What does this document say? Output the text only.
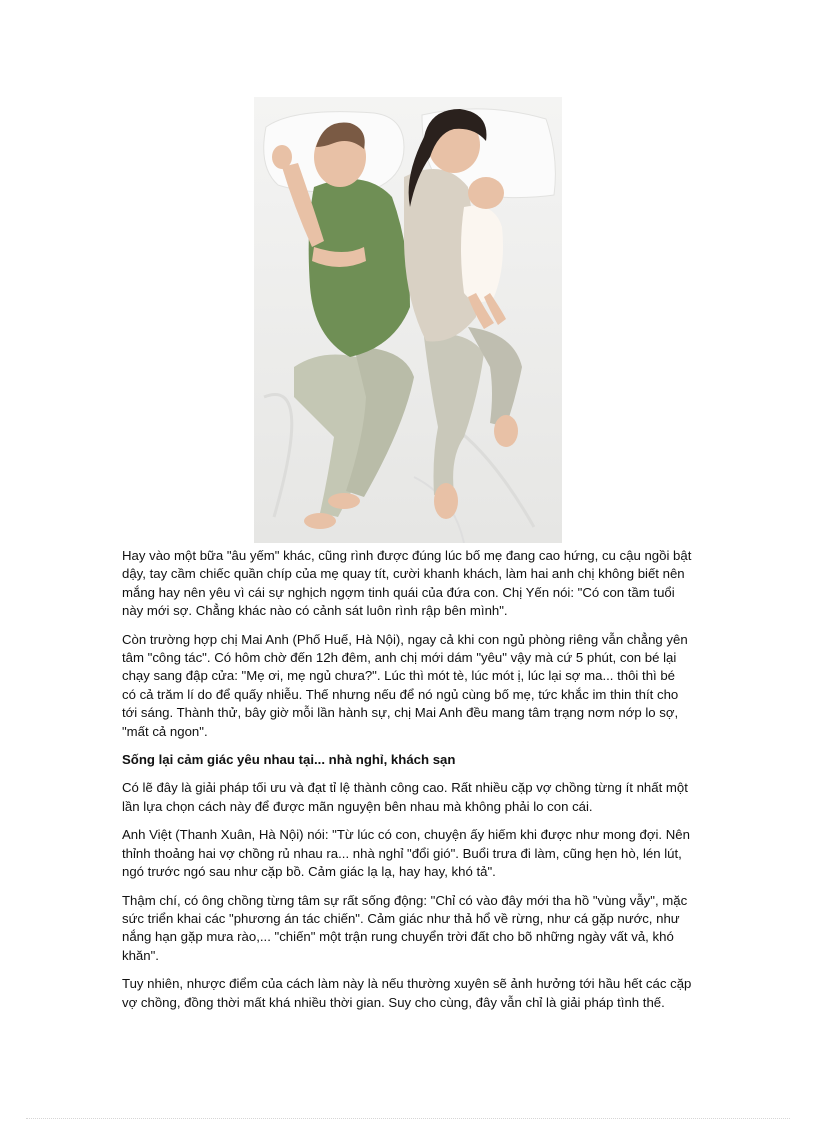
Hay vào một bữa "âu yếm" khác, cũng rình được đúng lúc bố mẹ đang cao hứng, cu cậu ngồi bật dậy, tay cầm chiếc quần chíp của mẹ quay tít, cười khanh khách, làm hai anh chị không biết nên mắng hay nên yêu vì cái sự nghịch ngợm tinh quái của đứa con. Chị Yến nói: "Có con tầm tuổi này mới sợ. Chẳng khác nào có cảnh sát luôn rình rập bên mình".

Còn trường hợp chị Mai Anh (Phố Huế, Hà Nội), ngay cả khi con ngủ phòng riêng vẫn chẳng yên tâm "công tác". Có hôm chờ đến 12h đêm, anh chị mới dám "yêu" vậy mà cứ 5 phút, con bé lại chạy sang đập cửa: "Mẹ ơi, mẹ ngủ chưa?". Lúc thì mót tè, lúc mót ị, lúc lại sợ ma... thôi thì bé có cả trăm lí do để quấy nhiễu. Thế nhưng nếu để nó ngủ cùng bố mẹ, tức khắc im thin thít cho tới sáng. Thành thử, bây giờ mỗi lần hành sự, chị Mai Anh đều mang tâm trạng nơm nớp lo sợ, "mất cả ngon".

Sống lại cảm giác yêu nhau tại... nhà nghỉ, khách sạn

Có lẽ đây là giải pháp tối ưu và đạt tỉ lệ thành công cao. Rất nhiều cặp vợ chồng từng ít nhất một lần lựa chọn cách này để được mãn nguyện bên nhau mà không phải lo con cái.

Anh Việt (Thanh Xuân, Hà Nội) nói: "Từ lúc có con, chuyện ấy hiếm khi được như mong đợi. Nên thỉnh thoảng hai vợ chồng rủ nhau ra... nhà nghỉ "đổi gió". Buổi trưa đi làm, cũng hẹn hò, lén lút, ngó trước ngó sau như cặp bồ. Cảm giác lạ lạ, hay hay, khó tả".

Thậm chí, có ông chồng từng tâm sự rất sống động: "Chỉ có vào đây mới tha hồ "vùng vẫy", mặc sức triển khai các "phương án tác chiến". Cảm giác như thả hổ về rừng, như cá gặp nước, như nắng hạn gặp mưa rào,... "chiến" một trận rung chuyển trời đất cho bõ những ngày vất vả, khó khăn".

Tuy nhiên, nhược điểm của cách làm này là nếu thường xuyên sẽ ảnh hưởng tới hầu hết các cặp vợ chồng, đồng thời mất khá nhiều thời gian. Suy cho cùng, đây vẫn chỉ là giải pháp tình thế.
